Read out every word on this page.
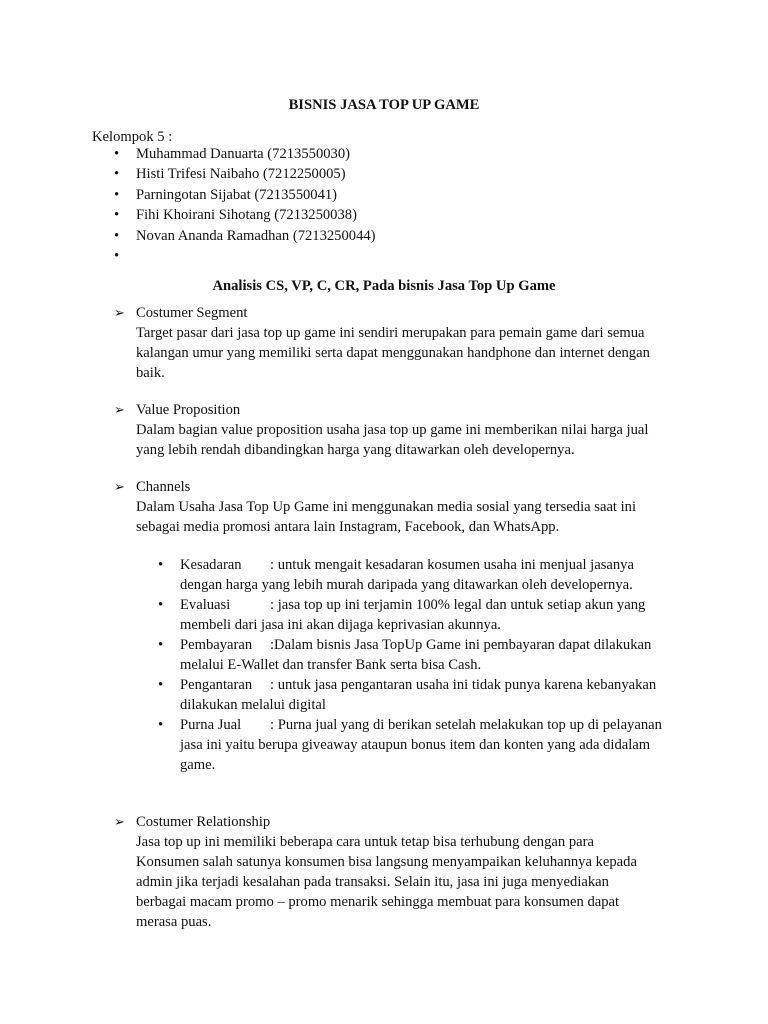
BISNIS JASA TOP UP GAME
Kelompok 5 :
• Muhammad Danuarta (7213550030)
• Histi Trifesi Naibaho (7212250005)
• Parningotan Sijabat (7213550041)
• Fihi Khoirani Sihotang (7213250038)
• Novan Ananda Ramadhan (7213250044)
•
Analisis CS, VP, C, CR, Pada bisnis Jasa Top Up Game
➢ Costumer Segment
Target pasar dari jasa top up game ini sendiri merupakan para pemain game dari semua
kalangan umur yang memiliki serta dapat menggunakan handphone dan internet dengan
baik.
➢ Value Proposition
Dalam bagian value proposition usaha jasa top up game ini memberikan nilai harga jual
yang lebih rendah dibandingkan harga yang ditawarkan oleh developernya.
➢ Channels
Dalam Usaha Jasa Top Up Game ini menggunakan media sosial yang tersedia saat ini
sebagai media promosi antara lain Instagram, Facebook, dan WhatsApp.
• Kesadaran : untuk mengait kesadaran kosumen usaha ini menjual jasanya
dengan harga yang lebih murah daripada yang ditawarkan oleh developernya.
• Evaluasi	: jasa top up ini terjamin 100% legal dan untuk setiap akun yang
membeli dari jasa ini akan dijaga keprivasian akunnya.
• Pembayaran :Dalam bisnis Jasa TopUp Game ini pembayaran dapat dilakukan
melalui E-Wallet dan transfer Bank serta bisa Cash.
• Pengantaran : untuk jasa pengantaran usaha ini tidak punya karena kebanyakan
dilakukan melalui digital
• Purna Jual : Purna jual yang di berikan setelah melakukan top up di pelayanan
jasa ini yaitu berupa giveaway ataupun bonus item dan konten yang ada didalam
game.
➢ Costumer Relationship
Jasa top up ini memiliki beberapa cara untuk tetap bisa terhubung dengan para
Konsumen salah satunya konsumen bisa langsung menyampaikan keluhannya kepada
admin jika terjadi kesalahan pada transaksi. Selain itu, jasa ini juga menyediakan
berbagai macam promo – promo menarik sehingga membuat para konsumen dapat
merasa puas.
